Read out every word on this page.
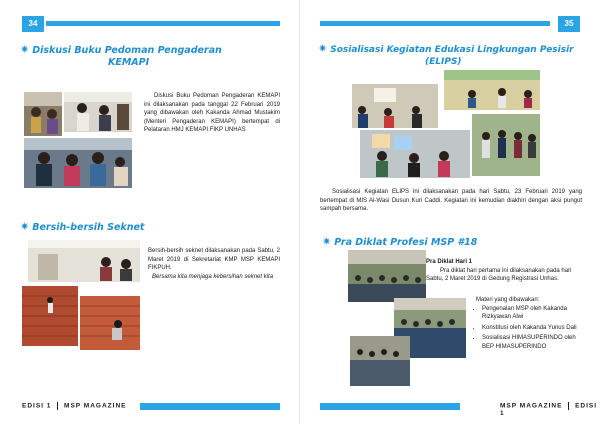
34
✷ Diskusi Buku Pedoman Pengaderan
KEMAPI
Diskusi Buku Pedoman Pengaderan KEMAPI ini dilaksanakan pada tanggal 22 Februari 2019 yang dibawakan oleh Kakanda Ahmad Mustakim (Menteri Pengaderan KEMAPI) bertempat di Pelataran HMJ KEMAPI FIKP UNHAS
✷ Bersih-bersih Seknet
Bersih-bersih seknet dilaksanakan pada Sabtu, 2 Maret 2019 di Sekretariat KMP MSP KEMAPI FIKPUH.
Bersama kita menjaga kebersihan seknet kita
EDISI 1 MSP MAGAZINE
35
✷ Sosialisasi Kegiatan Edukasi Lingkungan Pesisir
(ELIPS)
Sosialisasi Kegiatan ELIPS ini dilaksanakan pada hari Sabtu, 23 Februari 2019 yang bertempat di MIS Al-Wasi Dusun Kuri Caddi. Kegiatan ini kemudian diakhiri dengan aksi pungut sampah bersama.
✷ Pra Diklat Profesi MSP #18
Pra Diklat Hari 1

Pra diklat hari pertama ini dilaksanakan pada hari Sabtu, 2 Maret 2019 di Gedung Registrasi Unhas.
Materi yang dibawakan:
• Pengenalan MSP oleh Kakanda Rizkyawan Alwi
• Konstitusi oleh Kakanda Yunus Dali
• Sosialisasi HIMASUPERINDO oleh BEP HIMASUPERINDO
MSP MAGAZINE EDISI 1
